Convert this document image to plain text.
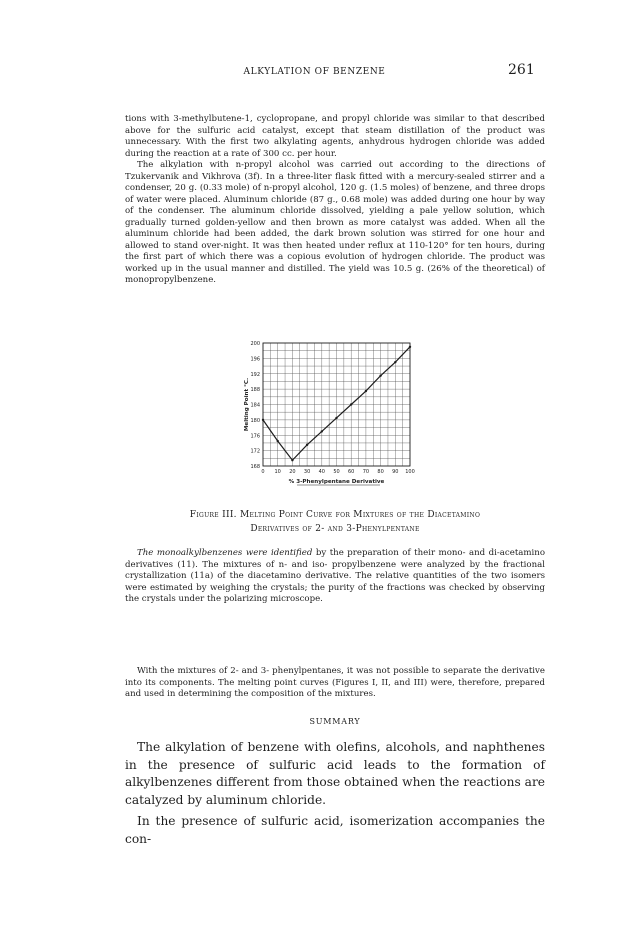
ALKYLATION OF BENZENE	261

tions with 3-methylbutene-1, cyclopropane, and propyl chloride was similar to that described above for the sulfuric acid catalyst, except that steam distillation of the product was unnecessary. With the first two alkylating agents, anhydrous hydrogen chloride was added during the reaction at a rate of 300 cc. per hour.

The alkylation with n-propyl alcohol was carried out according to the directions of Tzukervanik and Vikhrova (3f). In a three-liter flask fitted with a mercury-sealed stirrer and a condenser, 20 g. (0.33 mole) of n-propyl alcohol, 120 g. (1.5 moles) of benzene, and three drops of water were placed. Aluminum chloride (87 g., 0.68 mole) was added during one hour by way of the condenser. The aluminum chloride dissolved, yielding a pale yellow solution, which gradually turned golden-yellow and then brown as more catalyst was added. When all the aluminum chloride had been added, the dark brown solution was stirred for one hour and allowed to stand over-night. It was then heated under reflux at 110-120° for ten hours, during the first part of which there was a copious evolution of hydrogen chloride. The product was worked up in the usual manner and distilled. The yield was 10.5 g. (26% of the theoretical) of monopropylbenzene.

0 10 20 30 40 50 60 70 80 90 100
168
172
176
180
184
188
192
196
200
% 3-Phenylpentane Derivative
Melting Point °C.
Figure III. Melting Point Curve for Mixtures of the Diacetamino
Derivatives of 2- and 3-Phenylpentane

The monoalkylbenzenes were identified by the preparation of their mono- and di-acetamino derivatives (11). The mixtures of n- and iso- propylbenzene were analyzed by the fractional crystallization (11a) of the diacetamino derivative. The relative quantities of the two isomers were estimated by weighing the crystals; the purity of the fractions was checked by observing the crystals under the polarizing microscope.

With the mixtures of 2- and 3- phenylpentanes, it was not possible to separate the derivative into its components. The melting point curves (Figures I, II, and III) were, therefore, prepared and used in determining the composition of the mixtures.

SUMMARY

The alkylation of benzene with olefins, alcohols, and naphthenes in the presence of sulfuric acid leads to the formation of alkylbenzenes different from those obtained when the reactions are catalyzed by aluminum chloride.

In the presence of sulfuric acid, isomerization accompanies the con-
